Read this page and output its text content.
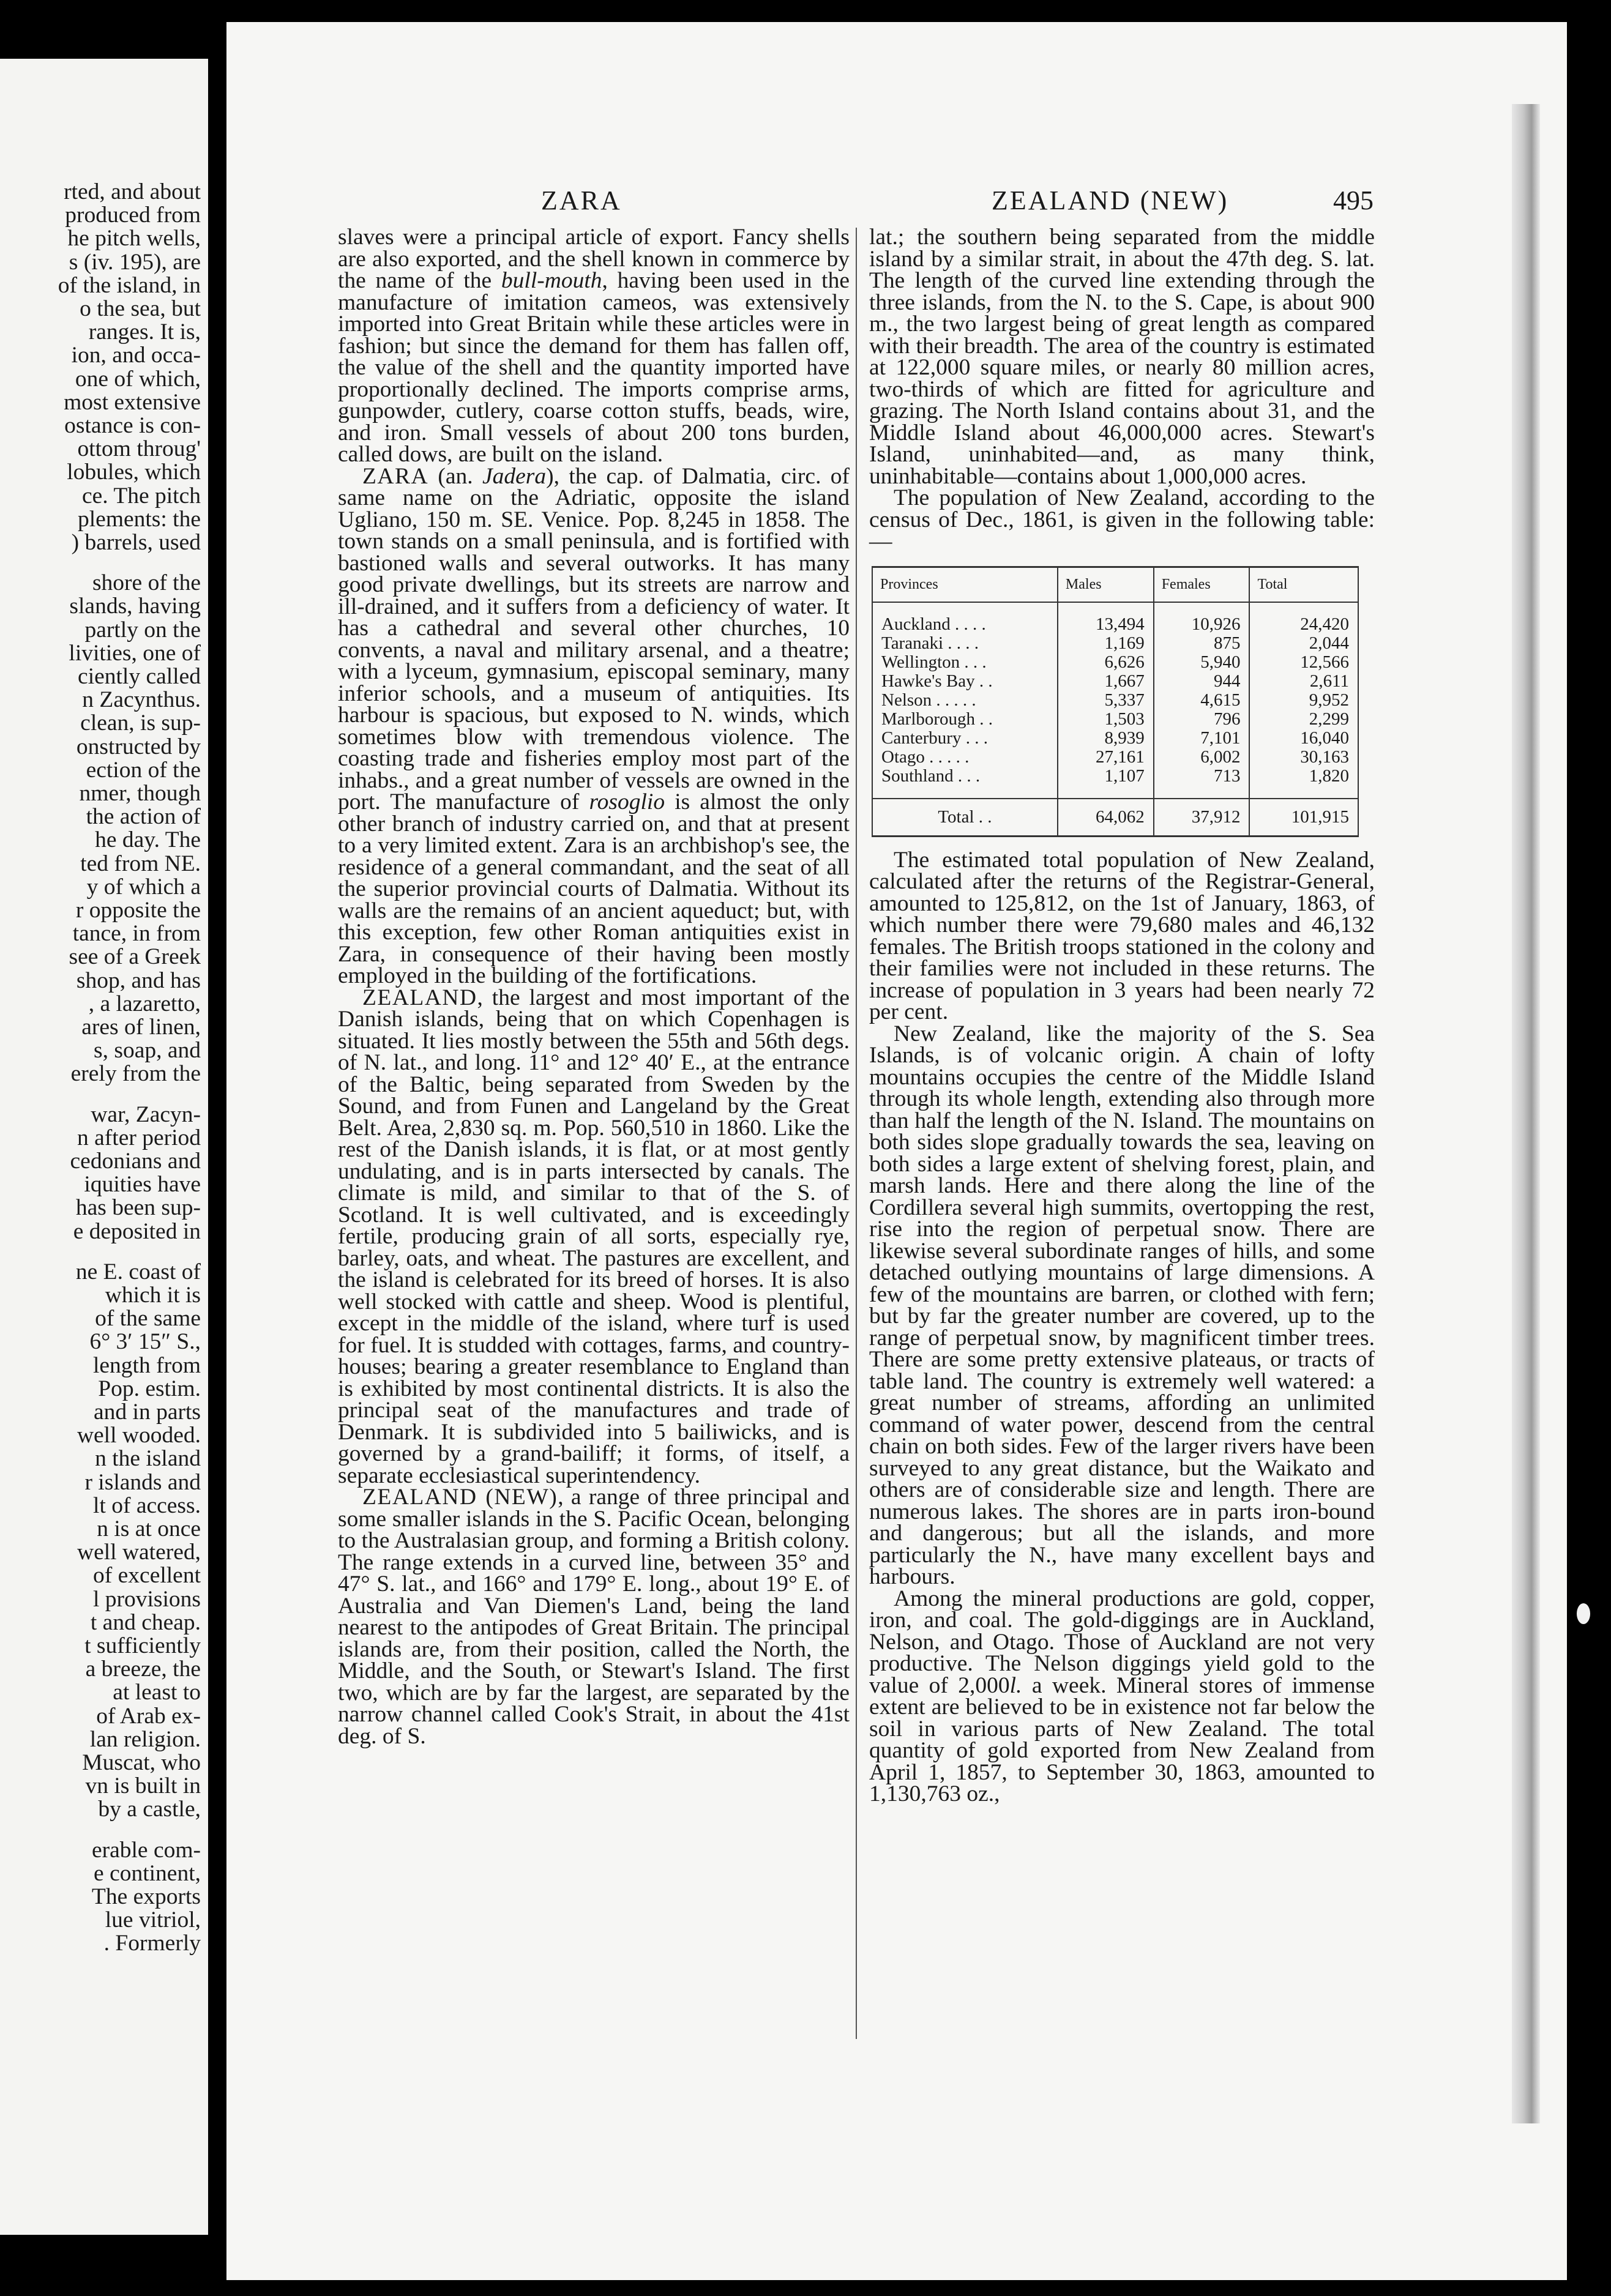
rted, and about
produced from
he pitch wells,
s (iv. 195), are
of the island, in
o the sea, but
ranges. It is,
ion, and occa-
one of which,
most extensive
ostance is con-
ottom throug'
lobules, which
ce. The pitch
plements: the
) barrels, used
shore of the
slands, having
partly on the
livities, one of
ciently called
n Zacynthus.
clean, is sup-
onstructed by
ection of the
nmer, though
the action of
he day. The
ted from NE.
y of which a
r opposite the
tance, in from
see of a Greek
shop, and has
, a lazaretto,
ares of linen,
s, soap, and
erely from the
war, Zacyn-
n after period
cedonians and
iquities have
has been sup-
e deposited in
ne E. coast of
which it is
of the same
6° 3′ 15″ S.,
length from
Pop. estim.
and in parts
well wooded.
n the island
r islands and
lt of access.
n is at once
well watered,
of excellent
l provisions
t and cheap.
t sufficiently
a breeze, the
at least to
of Arab ex-
lan religion.
Muscat, who
vn is built in
by a castle,
erable com-
e continent,
The exports
lue vitriol,
. Formerly
ZARA	ZEALAND (NEW)	495

slaves were a principal article of export. Fancy shells are also exported, and the shell known in commerce by the name of the bull-mouth, having been used in the manufacture of imitation cameos, was extensively imported into Great Britain while these articles were in fashion; but since the demand for them has fallen off, the value of the shell and the quantity imported have proportionally declined. The imports comprise arms, gunpowder, cutlery, coarse cotton stuffs, beads, wire, and iron. Small vessels of about 200 tons burden, called dows, are built on the island.

ZARA (an. Jadera), the cap. of Dalmatia, circ. of same name on the Adriatic, opposite the island Ugliano, 150 m. SE. Venice. Pop. 8,245 in 1858. The town stands on a small peninsula, and is fortified with bastioned walls and several outworks. It has many good private dwellings, but its streets are narrow and ill-drained, and it suffers from a deficiency of water. It has a cathedral and several other churches, 10 convents, a naval and military arsenal, and a theatre; with a lyceum, gymnasium, episcopal seminary, many inferior schools, and a museum of antiquities. Its harbour is spacious, but exposed to N. winds, which sometimes blow with tremendous violence. The coasting trade and fisheries employ most part of the inhabs., and a great number of vessels are owned in the port. The manufacture of rosoglio is almost the only other branch of industry carried on, and that at present to a very limited extent. Zara is an archbishop's see, the residence of a general commandant, and the seat of all the superior provincial courts of Dalmatia. Without its walls are the remains of an ancient aqueduct; but, with this exception, few other Roman antiquities exist in Zara, in consequence of their having been mostly employed in the building of the fortifications.

ZEALAND, the largest and most important of the Danish islands, being that on which Copenhagen is situated. It lies mostly between the 55th and 56th degs. of N. lat., and long. 11° and 12° 40′ E., at the entrance of the Baltic, being separated from Sweden by the Sound, and from Funen and Langeland by the Great Belt. Area, 2,830 sq. m. Pop. 560,510 in 1860. Like the rest of the Danish islands, it is flat, or at most gently undulating, and is in parts intersected by canals. The climate is mild, and similar to that of the S. of Scotland. It is well cultivated, and is exceedingly fertile, producing grain of all sorts, especially rye, barley, oats, and wheat. The pastures are excellent, and the island is celebrated for its breed of horses. It is also well stocked with cattle and sheep. Wood is plentiful, except in the middle of the island, where turf is used for fuel. It is studded with cottages, farms, and country-houses; bearing a greater resemblance to England than is exhibited by most continental districts. It is also the principal seat of the manufactures and trade of Denmark. It is subdivided into 5 bailiwicks, and is governed by a grand-bailiff; it forms, of itself, a separate ecclesiastical superintendency.

ZEALAND (NEW), a range of three principal and some smaller islands in the S. Pacific Ocean, belonging to the Australasian group, and forming a British colony. The range extends in a curved line, between 35° and 47° S. lat., and 166° and 179° E. long., about 19° E. of Australia and Van Diemen's Land, being the land nearest to the antipodes of Great Britain. The principal islands are, from their position, called the North, the Middle, and the South, or Stewart's Island. The first two, which are by far the largest, are separated by the narrow channel called Cook's Strait, in about the 41st deg. of S.

lat.; the southern being separated from the middle island by a similar strait, in about the 47th deg. S. lat. The length of the curved line extending through the three islands, from the N. to the S. Cape, is about 900 m., the two largest being of great length as compared with their breadth. The area of the country is estimated at 122,000 square miles, or nearly 80 million acres, two-thirds of which are fitted for agriculture and grazing. The North Island contains about 31, and the Middle Island about 46,000,000 acres. Stewart's Island, uninhabited—and, as many think, uninhabitable—contains about 1,000,000 acres.

The population of New Zealand, according to the census of Dec., 1861, is given in the following table:—

Provinces	Males	Females	Total
Auckland . . . .	13,494	10,926	24,420
Taranaki . . . .	1,169	875	2,044
Wellington . . .	6,626	5,940	12,566
Hawke's Bay . .	1,667	944	2,611
Nelson . . . . .	5,337	4,615	9,952
Marlborough . .	1,503	796	2,299
Canterbury . . .	8,939	7,101	16,040
Otago . . . . .	27,161	6,002	30,163
Southland . . .	1,107	713	1,820
Total . .	64,062	37,912	101,915

The estimated total population of New Zealand, calculated after the returns of the Registrar-General, amounted to 125,812, on the 1st of January, 1863, of which number there were 79,680 males and 46,132 females. The British troops stationed in the colony and their families were not included in these returns. The increase of population in 3 years had been nearly 72 per cent.

New Zealand, like the majority of the S. Sea Islands, is of volcanic origin. A chain of lofty mountains occupies the centre of the Middle Island through its whole length, extending also through more than half the length of the N. Island. The mountains on both sides slope gradually towards the sea, leaving on both sides a large extent of shelving forest, plain, and marsh lands. Here and there along the line of the Cordillera several high summits, overtopping the rest, rise into the region of perpetual snow. There are likewise several subordinate ranges of hills, and some detached outlying mountains of large dimensions. A few of the mountains are barren, or clothed with fern; but by far the greater number are covered, up to the range of perpetual snow, by magnificent timber trees. There are some pretty extensive plateaus, or tracts of table land. The country is extremely well watered: a great number of streams, affording an unlimited command of water power, descend from the central chain on both sides. Few of the larger rivers have been surveyed to any great distance, but the Waikato and others are of considerable size and length. There are numerous lakes. The shores are in parts iron-bound and dangerous; but all the islands, and more particularly the N., have many excellent bays and harbours.

Among the mineral productions are gold, copper, iron, and coal. The gold-diggings are in Auckland, Nelson, and Otago. Those of Auckland are not very productive. The Nelson diggings yield gold to the value of 2,000l. a week. Mineral stores of immense extent are believed to be in existence not far below the soil in various parts of New Zealand. The total quantity of gold exported from New Zealand from April 1, 1857, to September 30, 1863, amounted to 1,130,763 oz.,
